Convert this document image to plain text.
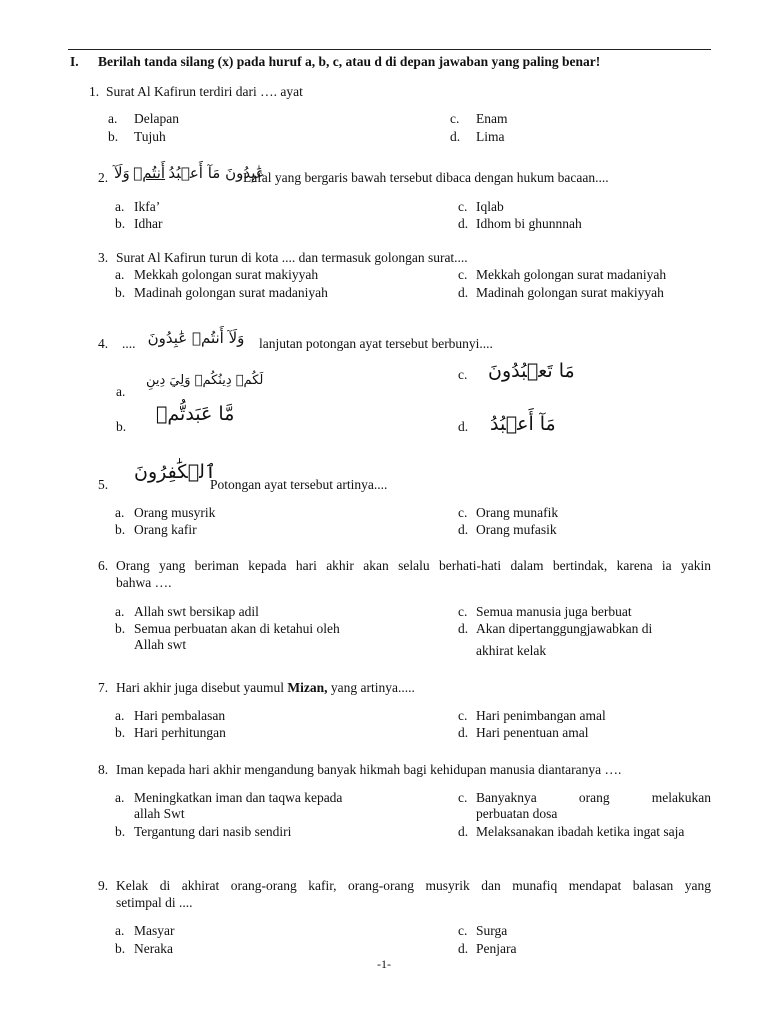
I. Berilah tanda silang (x) pada huruf a, b, c, atau d di depan jawaban yang paling benar!
1. Surat Al Kafirun terdiri dari …. ayat
a. Delapan
b. Tujuh
c. Enam
d. Lima
2.	عَٰبِدُونَ مَآ أَعۡبُدُ أَنتُمۡ وَلَآ	Lafal yang bergaris bawah tersebut dibaca dengan hukum bacaan....
a. Ikfa’
b. Idhar
c. Iqlab
d. Idhom bi ghunnnah
3. Surat Al Kafirun turun di kota .... dan termasuk golongan surat....
a. Mekkah golongan surat makiyyah
b. Madinah golongan surat madaniyah
c. Mekkah golongan surat madaniyah
d. Madinah golongan surat makiyyah
4. .... وَلَآ أَنتُمۡ عَٰبِدُونَ lanjutan potongan ayat tersebut berbunyi....
a.
لَكُمۡ دِينُكُمۡ وَلِيَ دِينِ
b.
مَّا عَبَدتُّمۡ
c. مَا تَعۡبُدُونَ
d. مَآ أَعۡبُدُ
5.
ٱلۡكَٰفِرُونَ
Potongan ayat tersebut artinya....
a. Orang musyrik
b. Orang kafir
c. Orang munafik
d. Orang mufasik
6. Orang yang beriman kepada hari akhir akan selalu berhati-hati dalam bertindak, karena ia yakin
bahwa ….
a. Allah swt bersikap adil
b. Semua perbuatan akan di ketahui oleh
Allah swt
c. Semua manusia juga berbuat
d. Akan dipertanggungjawabkan di
akhirat kelak
7. Hari akhir juga disebut yaumul Mizan, yang artinya.....
a. Hari pembalasan
b. Hari perhitungan
c. Hari penimbangan amal
d. Hari penentuan amal
8. Iman kepada hari akhir mengandung banyak hikmah bagi kehidupan manusia diantaranya ….
a. Meningkatkan iman dan taqwa kepada
allah Swt
b. Tergantung dari nasib sendiri
c. Banyaknya	orang	melakukan
perbuatan dosa
d. Melaksanakan ibadah ketika ingat saja
9. Kelak di akhirat orang-orang kafir, orang-orang musyrik dan munafiq mendapat balasan yang
setimpal di ....
a. Masyar
b. Neraka
c. Surga
d. Penjara
-1-
